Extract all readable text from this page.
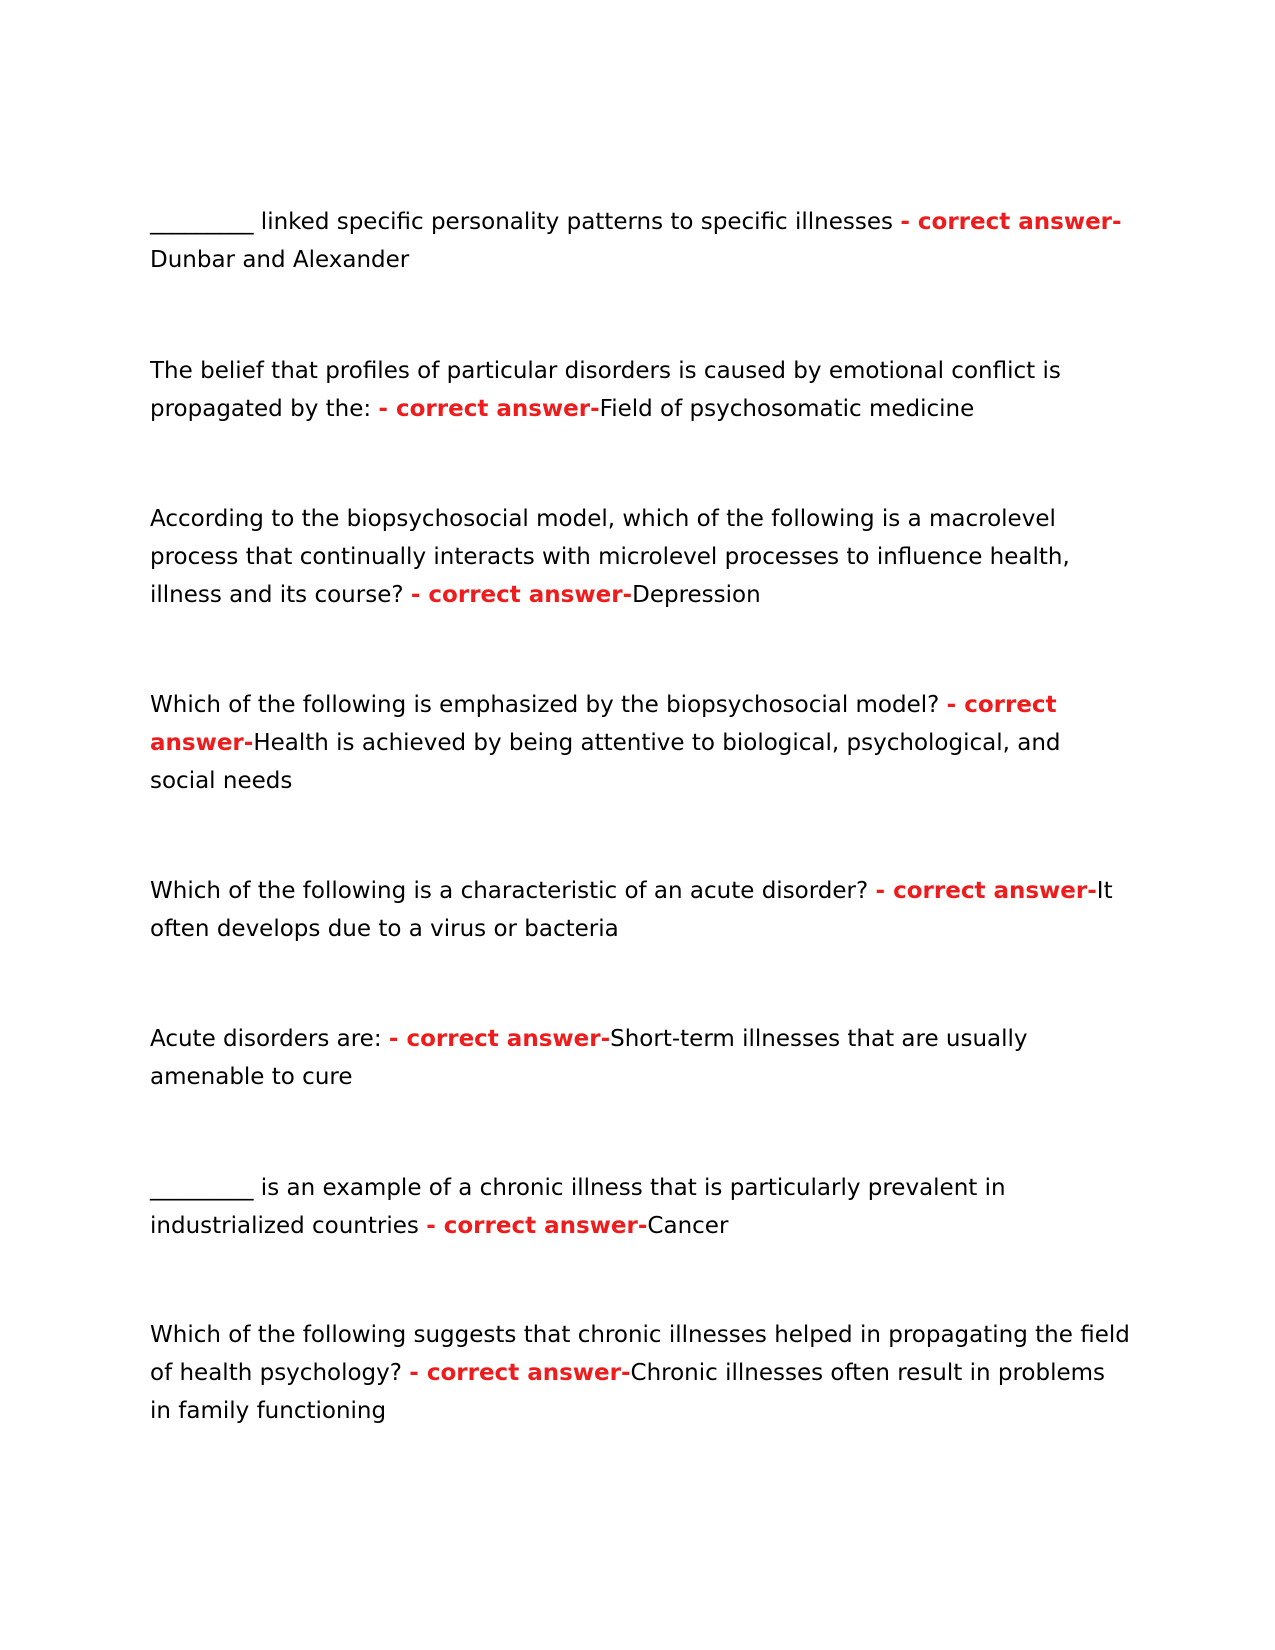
_________ linked specific personality patterns to specific illnesses - correct answer-Dunbar and Alexander

The belief that profiles of particular disorders is caused by emotional conflict is propagated by the: - correct answer-Field of psychosomatic medicine

According to the biopsychosocial model, which of the following is a macrolevel process that continually interacts with microlevel processes to influence health, illness and its course? - correct answer-Depression

Which of the following is emphasized by the biopsychosocial model? - correct answer-Health is achieved by being attentive to biological, psychological, and social needs

Which of the following is a characteristic of an acute disorder? - correct answer-It often develops due to a virus or bacteria

Acute disorders are: - correct answer-Short-term illnesses that are usually amenable to cure

_________ is an example of a chronic illness that is particularly prevalent in industrialized countries - correct answer-Cancer

Which of the following suggests that chronic illnesses helped in propagating the field of health psychology? - correct answer-Chronic illnesses often result in problems in family functioning
